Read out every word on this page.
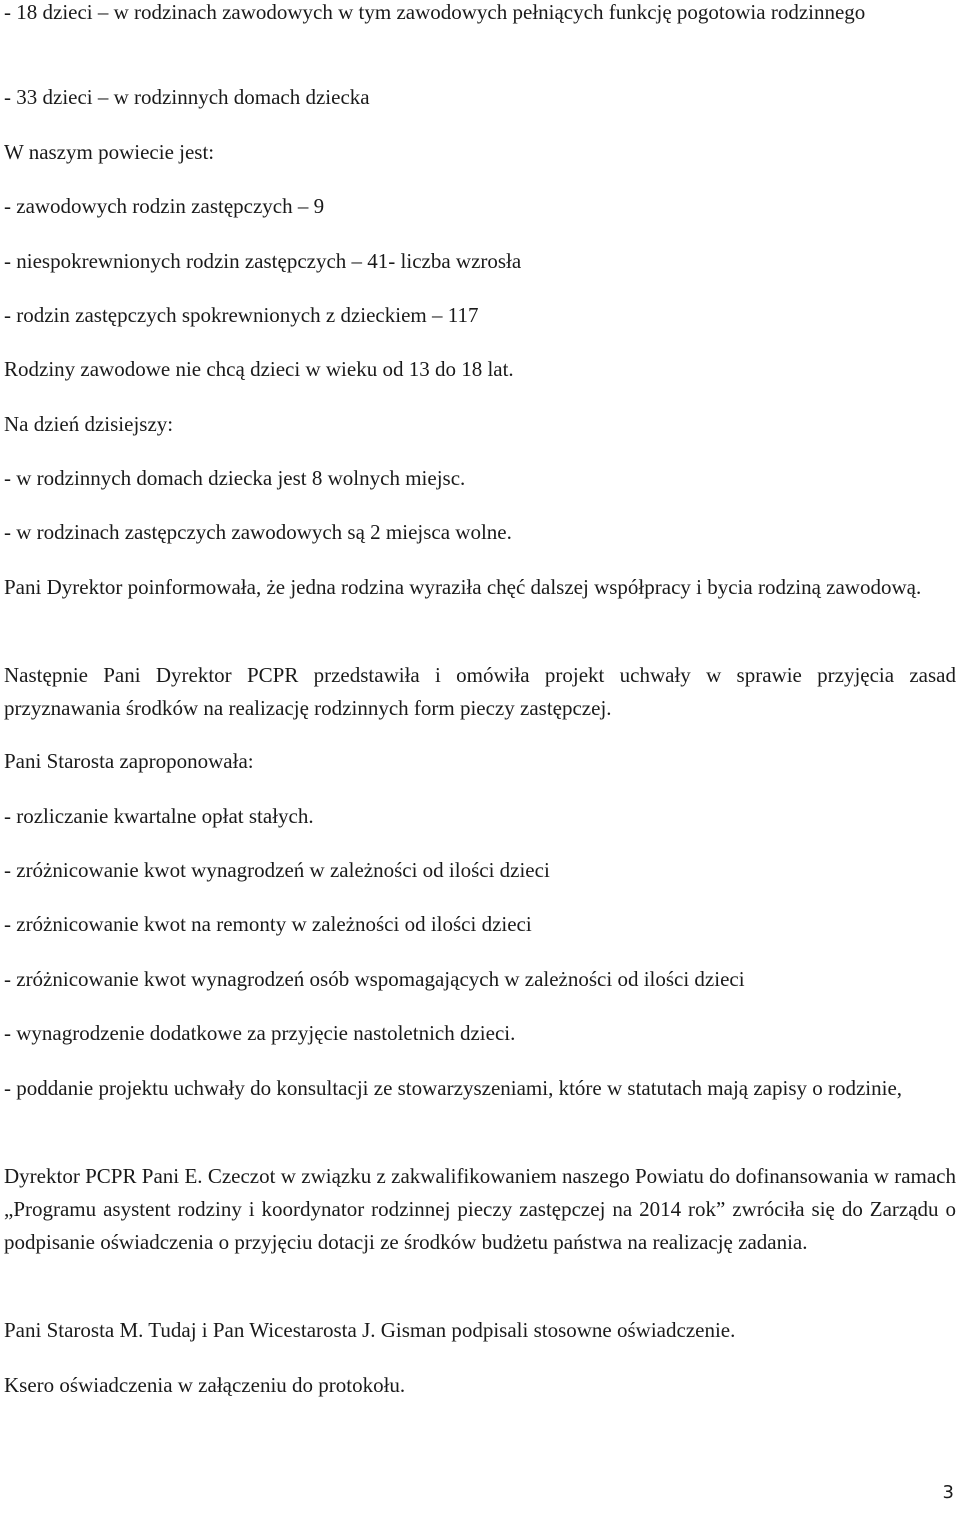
- 18 dzieci – w rodzinach zawodowych w tym zawodowych pełniących funkcję pogotowia rodzinnego
- 33 dzieci – w rodzinnych domach dziecka
W naszym powiecie jest:
- zawodowych rodzin zastępczych – 9
- niespokrewnionych rodzin zastępczych – 41- liczba wzrosła
- rodzin zastępczych spokrewnionych z dzieckiem – 117
Rodziny zawodowe nie chcą dzieci w wieku od 13 do 18 lat.
Na dzień dzisiejszy:
- w rodzinnych domach dziecka jest 8 wolnych miejsc.
- w rodzinach zastępczych zawodowych są 2 miejsca wolne.
Pani Dyrektor poinformowała, że jedna rodzina wyraziła chęć dalszej współpracy i bycia rodziną zawodową.
Następnie Pani Dyrektor PCPR przedstawiła i omówiła projekt uchwały w sprawie przyjęcia zasad przyznawania środków na realizację rodzinnych form pieczy zastępczej.
Pani Starosta zaproponowała:
- rozliczanie kwartalne opłat stałych.
- zróżnicowanie kwot wynagrodzeń w zależności od ilości dzieci
- zróżnicowanie kwot na remonty w zależności od ilości dzieci
- zróżnicowanie kwot wynagrodzeń osób wspomagających w zależności od ilości dzieci
- wynagrodzenie dodatkowe za przyjęcie nastoletnich dzieci.
- poddanie projektu uchwały do konsultacji ze stowarzyszeniami, które w statutach mają zapisy o rodzinie,
Dyrektor PCPR Pani E. Czeczot w związku z zakwalifikowaniem naszego Powiatu do dofinansowania w ramach „Programu asystent rodziny i koordynator rodzinnej pieczy zastępczej na 2014 rok” zwróciła się do Zarządu o podpisanie oświadczenia o przyjęciu dotacji ze środków budżetu państwa na realizację zadania.
Pani Starosta M. Tudaj i Pan Wicestarosta J. Gisman podpisali stosowne oświadczenie.
Ksero oświadczenia w załączeniu do protokołu.
3
